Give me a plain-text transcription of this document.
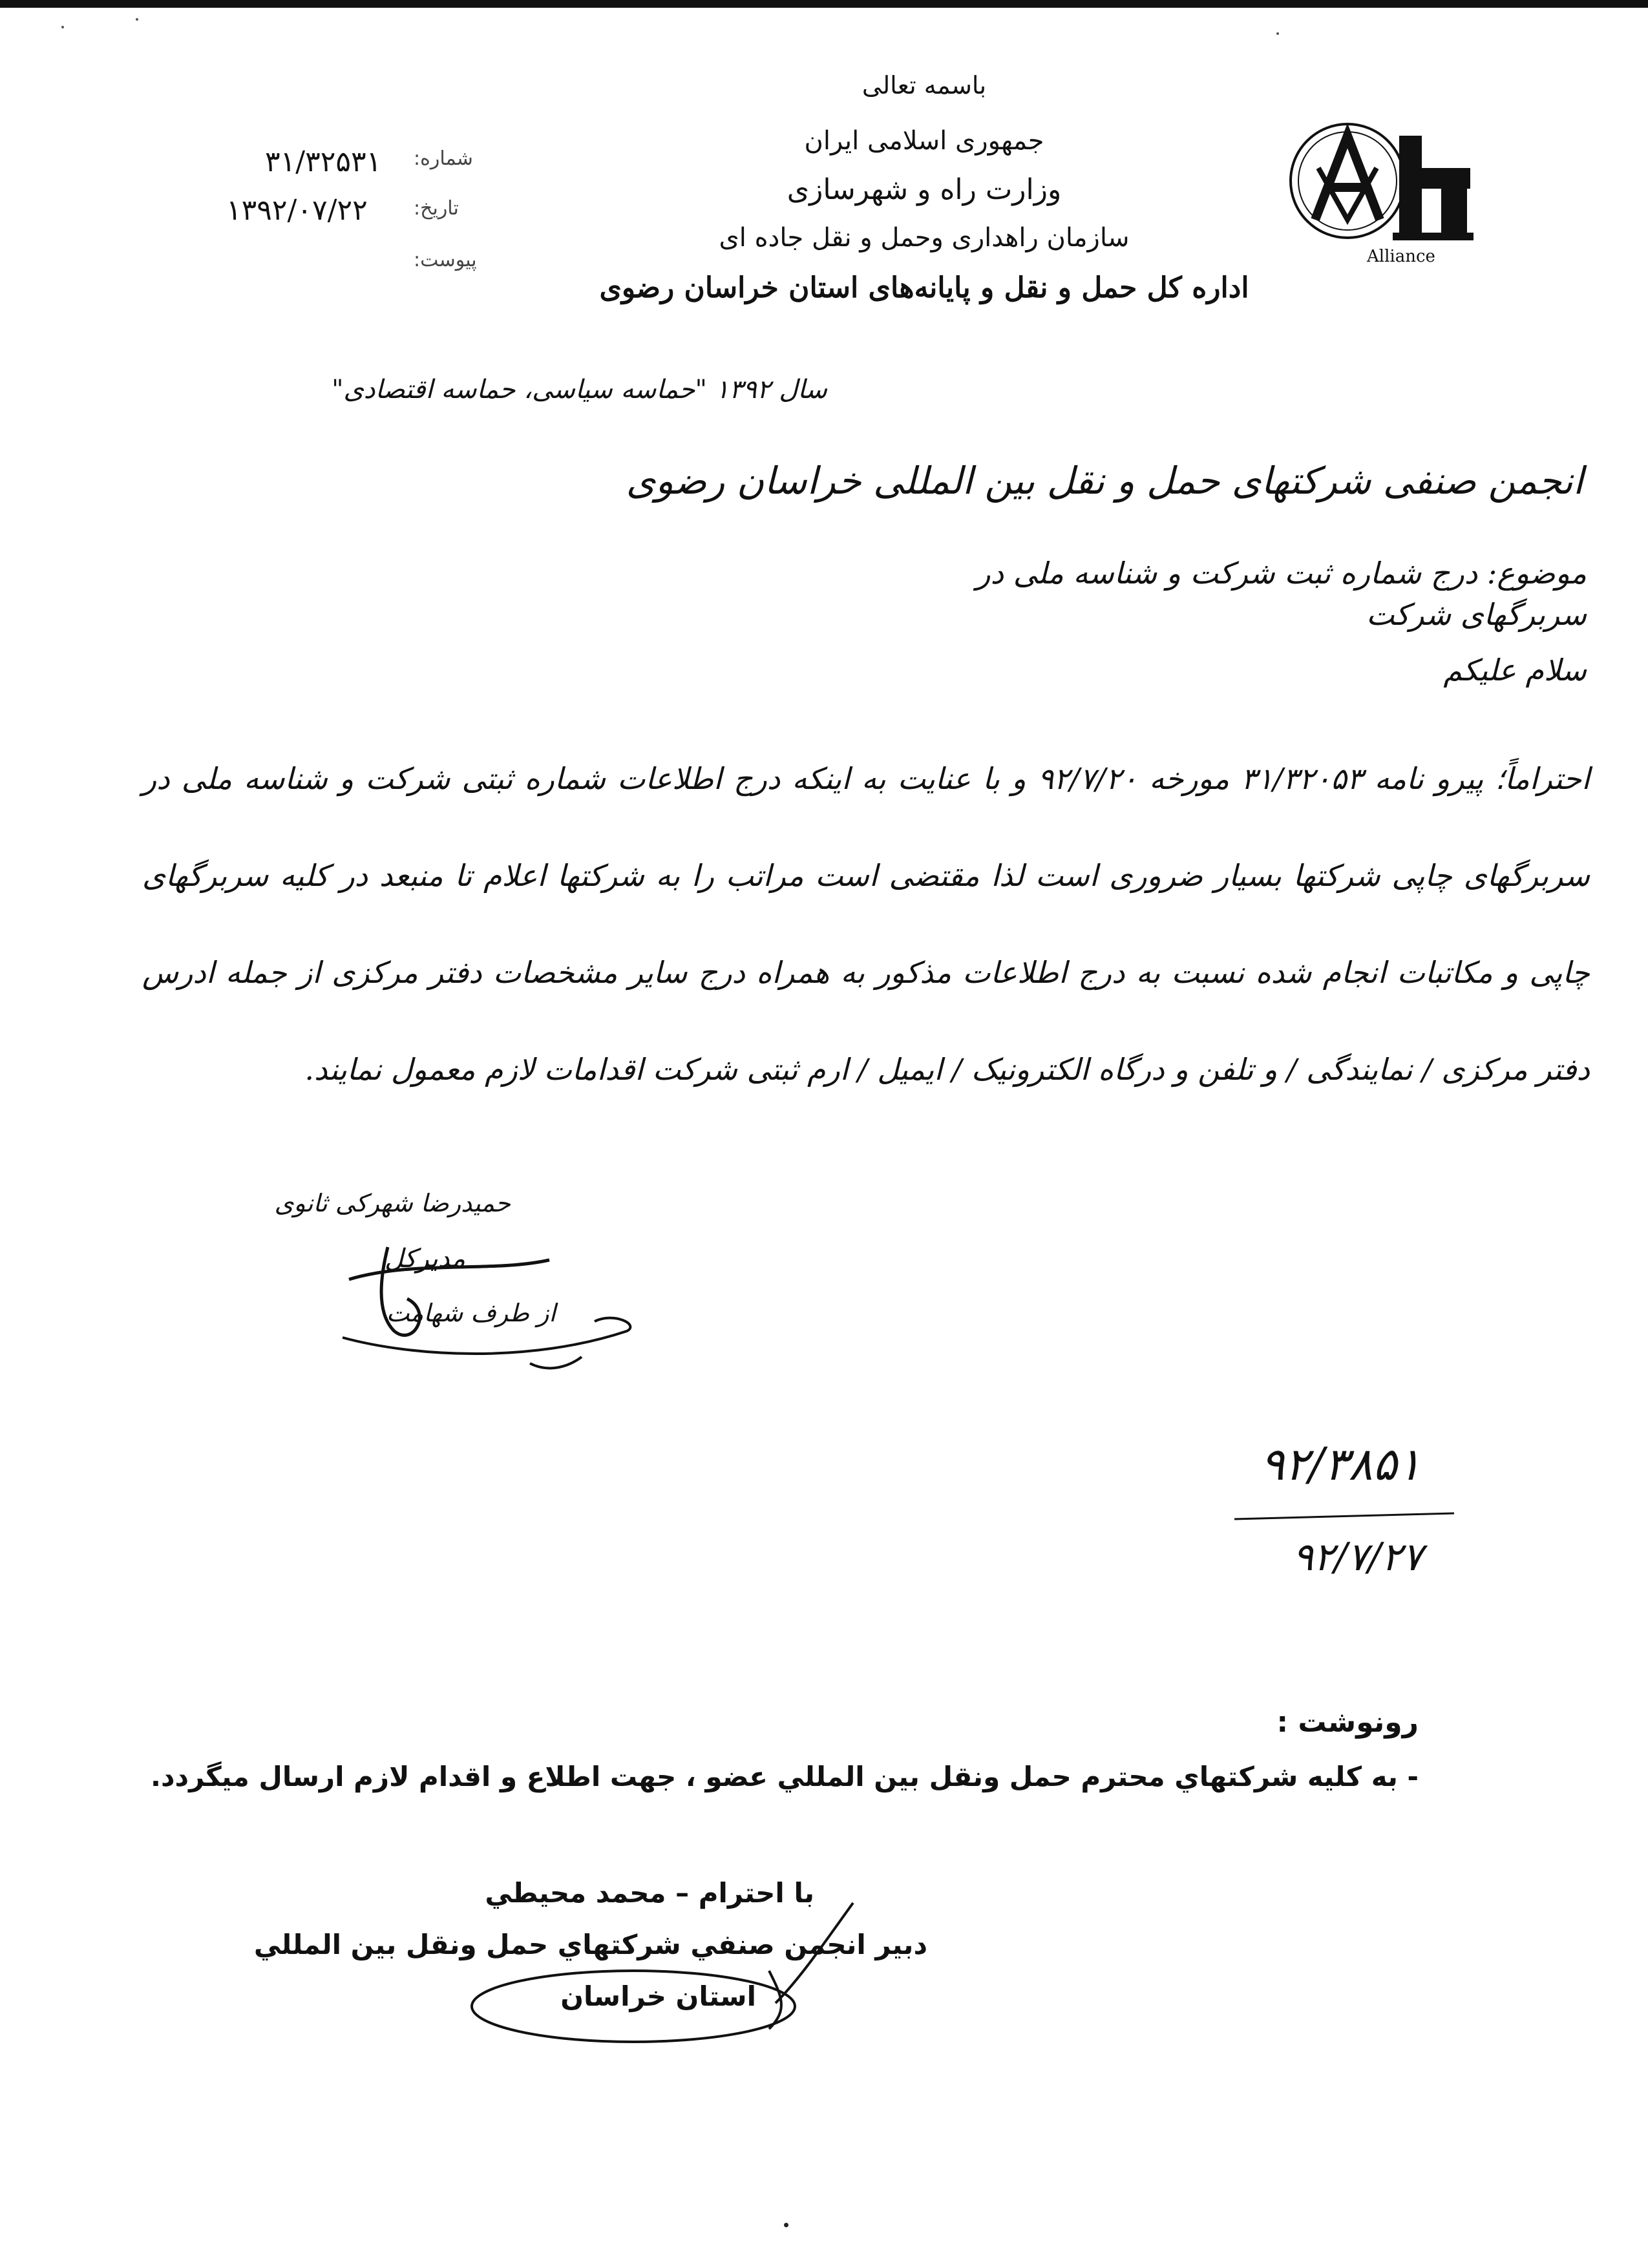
باسمه تعالی
جمهوری اسلامی ایران
وزارت راه و شهرسازی
سازمان راهداری وحمل و نقل جاده ای
اداره کل حمل و نقل و پایانه‌های استان خراسان رضوی
۳۱/۳۲۵۳۱ شماره:
۱۳۹۲/۰۷/۲۲ تاریخ:
پیوست:	Alliance
سال ۱۳۹۲ "حماسه سیاسی، حماسه اقتصادی"
انجمن صنفی شرکتهای حمل و نقل بین المللی خراسان رضوی
موضوع: درج شماره ثبت شرکت و شناسه ملی در سربرگهای شرکت
سلام علیکم
احتراماً؛ پیرو نامه ۳۱/۳۲۰۵۳ مورخه ۹۲/۷/۲۰ و با عنایت به اینکه درج اطلاعات شماره ثبتی شرکت و شناسه ملی در سربرگهای چاپی شرکتها بسیار ضروری است لذا مقتضی است مراتب را به شرکتها اعلام تا منبعد در کلیه سربرگهای چاپی و مکاتبات انجام شده نسبت به درج اطلاعات مذکور به همراه درج سایر مشخصات دفتر مرکزی از جمله ادرس دفتر مرکزی / نمایندگی / و تلفن و درگاه الکترونیک / ایمیل / ارم ثبتی شرکت اقدامات لازم معمول نمایند.
حمیدرضا شهرکی ثانوی
مدیرکل
از طرف شهامت
۹۲/۳۸۵۱
۹۲/۷/۲۷
رونوشت :
- به کلیه شرکتهاي محترم حمل ونقل بین المللي عضو ، جهت اطلاع و اقدام لازم ارسال میگردد.
با احترام – محمد محیطي
دبیر انجمن صنفي شرکتهاي حمل ونقل بین المللي
استان خراسان
